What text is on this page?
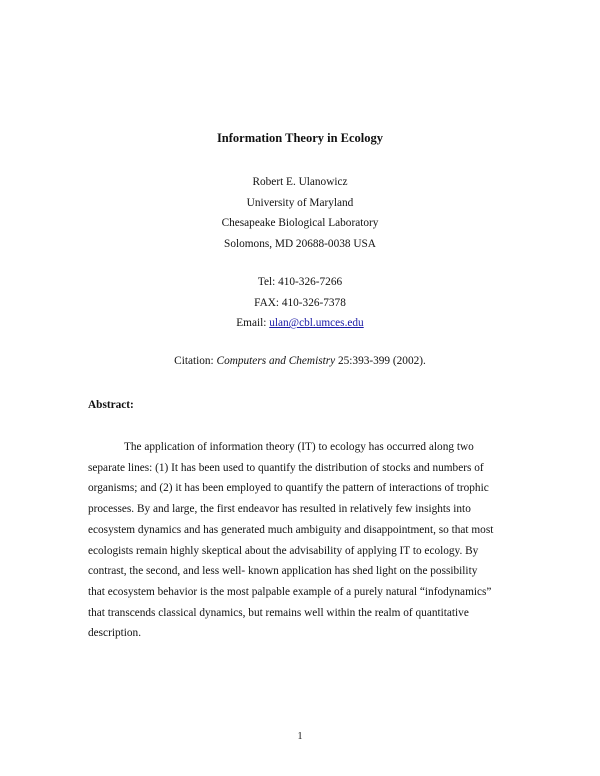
Information Theory in Ecology
Robert E. Ulanowicz
University of Maryland
Chesapeake Biological Laboratory
Solomons, MD 20688-0038 USA
Tel: 410-326-7266
FAX: 410-326-7378
Email: ulan@cbl.umces.edu

Citation: Computers and Chemistry 25:393-399 (2002).

Abstract:

The application of information theory (IT) to ecology has occurred along two
separate lines: (1) It has been used to quantify the distribution of stocks and numbers of
organisms; and (2) it has been employed to quantify the pattern of interactions of trophic
processes. By and large, the first endeavor has resulted in relatively few insights into
ecosystem dynamics and has generated much ambiguity and disappointment, so that most
ecologists remain highly skeptical about the advisability of applying IT to ecology. By
contrast, the second, and less well- known application has shed light on the possibility
that ecosystem behavior is the most palpable example of a purely natural “infodynamics”
that transcends classical dynamics, but remains well within the realm of quantitative
description.

1
